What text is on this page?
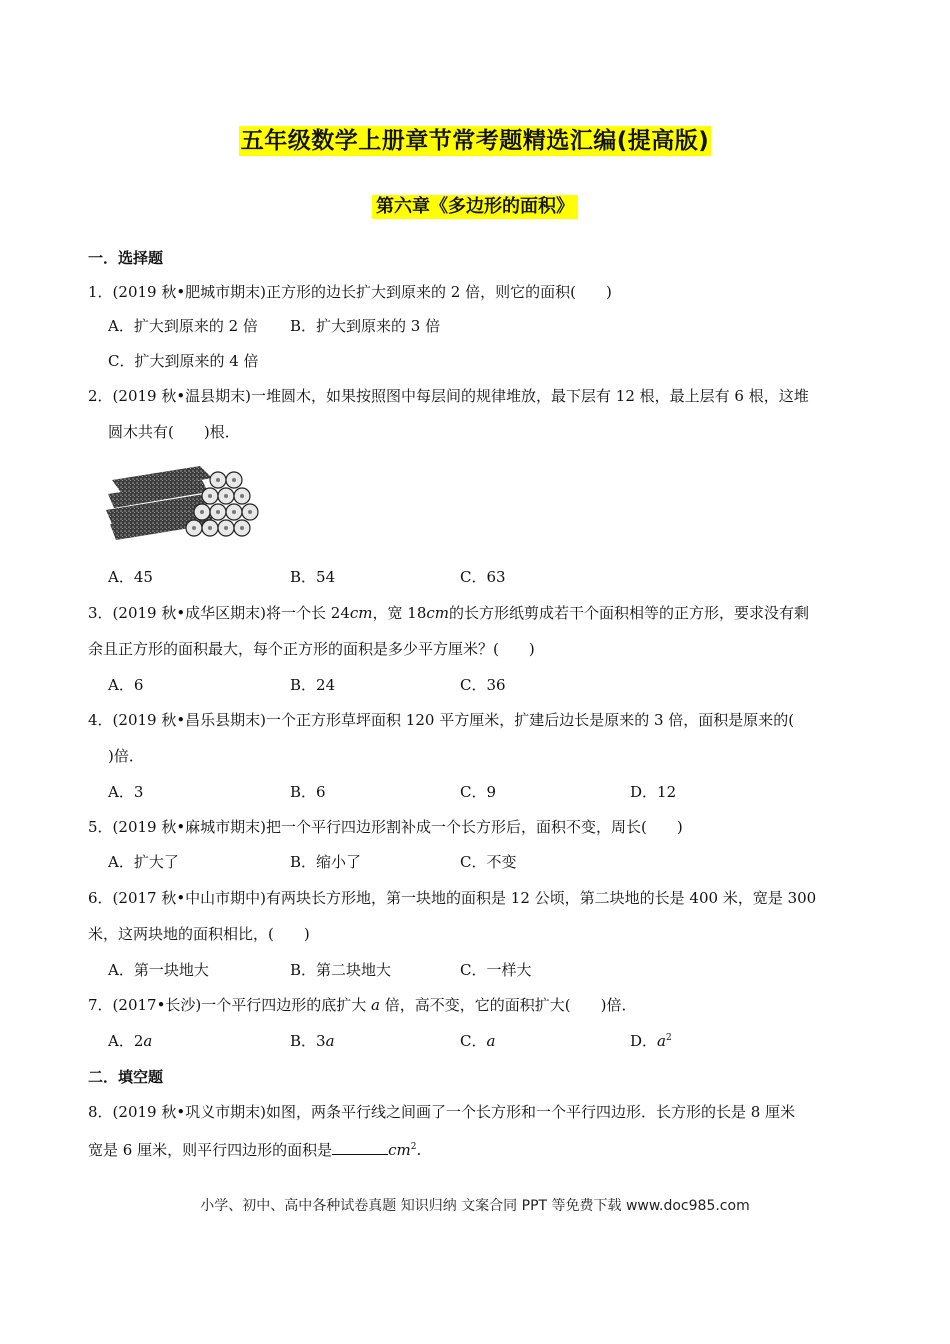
五年级数学上册章节常考题精选汇编(提高版)
第六章《多边形的面积》
一．选择题
1．(2019 秋•肥城市期末)正方形的边长扩大到原来的 2 倍，则它的面积(　　)
A．扩大到原来的 2 倍 B．扩大到原来的 3 倍
C．扩大到原来的 4 倍
2．(2019 秋•温县期末)一堆圆木，如果按照图中每层间的规律堆放，最下层有 12 根，最上层有 6 根，这堆
圆木共有(　　)根．
A．45	B．54	C．63
3．(2019 秋•成华区期末)将一个长 24cm，宽 18cm的长方形纸剪成若干个面积相等的正方形，要求没有剩
余且正方形的面积最大，每个正方形的面积是多少平方厘米？(　　)
A．6	B．24	C．36
4．(2019 秋•昌乐县期末)一个正方形草坪面积 120 平方厘米，扩建后边长是原来的 3 倍，面积是原来的(
)倍．
A．3	B．6	C．9	D．12
5．(2019 秋•麻城市期末)把一个平行四边形割补成一个长方形后，面积不变，周长(　　)
A．扩大了	B．缩小了	C．不变
6．(2017 秋•中山市期中)有两块长方形地，第一块地的面积是 12 公顷，第二块地的长是 400 米，宽是 300
米，这两块地的面积相比，(　　)
A．第一块地大	B．第二块地大	C．一样大
7．(2017•长沙)一个平行四边形的底扩大 a 倍，高不变，它的面积扩大(　　)倍．
A．2a	B．3a	C．a	D．$a^2$
二．填空题
8．(2019 秋•巩义市期末)如图，两条平行线之间画了一个长方形和一个平行四边形．长方形的长是 8 厘米
宽是 6 厘米，则平行四边形的面积是	$cm^2$.
小学、初中、高中各种试卷真题 知识归纳 文案合同 PPT 等免费下载 www.doc985.com
